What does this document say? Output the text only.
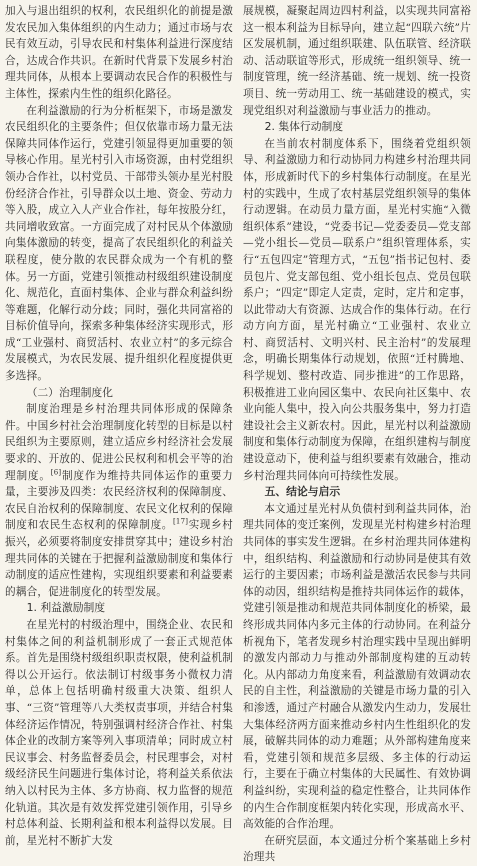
加入与退出组织的权利，农民组织化的前提是激发农民加入集体组织的内生动力；通过市场与农民有效互动，引导农民和村集体利益进行深度结合，达成合作共识。在新时代背景下发展乡村治理共同体，从根本上要调动农民合作的积极性与主体性，探索内生性的组织化路径。

在利益激励的行为分析框架下，市场是激发农民组织化的主要条件；但仅依靠市场力量无法保障共同体作运行，党建引领显得更加重要的领导核心作用。星光村引入市场资源，由村党组织领办合作社，以村党员、干部带头领办星光村股份经济合作社，引导群众以土地、资金、劳动力等入股，成立入人产业合作社，每年按股分红，共同增收致富。一方面完成了对村民从个体激励向集体激励的转变，提高了农民组织化的利益关联程度，使分散的农民群众成为一个有机的整体。另一方面，党建引领推动村级组织建设制度化、规范化，直面村集体、企业与群众利益纠纷等难题，化解行动分歧；同时，强化共同富裕的目标价值导向，探索多种集体经济实现形式，形成“工业强村、商贸活村、农业立村”的多元综合发展模式，为农民发展、提升组织化程度提供更多选择。

（二）治理制度化

制度治理是乡村治理共同体形成的保障条件。中国乡村社会治理制度化转型的目标是以村民组织为主要原则，建立适应乡村经济社会发展要求的、开放的、促进公民权利和机会平等的治理制度。[6]制度作为维持共同体运作的重要力量，主要涉及四类：农民经济权利的保障制度、农民自治权利的保障制度、农民文化权利的保障制度和农民生态权利的保障制度。[17]实现乡村振兴，必须要将制度安排贯穿其中；建设乡村治理共同体的关键在于把握利益激励制度和集体行动制度的适应性建构，实现组织要素和利益要素的耦合，促进制度化的转型发展。

1. 利益激励制度

在星光村的村级治理中，围绕企业、农民和村集体之间的利益机制形成了一套正式规范体系。首先是围绕村级组织职责权限，使利益机制得以公开运行。依法制订村级事务小微权力清单，总体上包括明确村级重大决策、组织人事、“三资”管理等八大类权责事项，并结合村集体经济运作情况，特别强调村经济合作社、村集体企业的改制方案等列入事项清单；同时成立村民议事会、村务监督委员会，村民理事会，对村级经济民生问题进行集体讨论，将利益关系依法纳入以村民为主体、多方协商、权力监督的规范化轨道。其次是有效发挥党建引领作用，引导乡村总体利益、长期利益和根本利益得以发展。目前，星光村不断扩大发

展规模，凝聚起周边四村利益，以实现共同富裕这一根本利益为目标导向，建立起“四联六统”片区发展机制，通过组织联建、队伍联管、经济联动、活动联谊等形式，形成统一组织领导、统一制度管理，统一经济基础、统一规划、统一投资项目、统一劳动用工、统一基础建设的模式，实现党组织对利益激励与事业活力的推动。

2. 集体行动制度

在当前农村制度体系下，围绕着党组织领导、利益激励力和行动协同力构建乡村治理共同体，形成新时代下的乡村集体行动制度。在星光村的实践中，生成了农村基层党组织领导的集体行动逻辑。在动员力量方面，星光村实施“入微组织体系”建设，“党委书记—党委委员—党支部—党小组长—党员—联系户”组织管理体系，实行“五包四定”管理方式，“五包”指书记包村、委员包片、党支部包组、党小组长包点、党员包联系户；“四定”即定人定责，定时，定片和定事，以此带动大有资源、达成合作的集体行动。在行动方向方面，星光村确立“工业强村、农业立村、商贸活村、文明兴村、民主治村”的发展理念，明确长期集体行动规划，依照“迁村腾地、科学规划、整村改造、同步推进”的工作思路，积极推进工业向园区集中、农民向社区集中、农业向能人集中，投入向公共服务集中，努力打造建设社会主义新农村。因此，星光村以利益激励制度和集体行动制度为保障，在组织建构与制度建设意动下，使利益与组织要素有效融合，推动乡村治理共同体向可持续性发展。

五、结论与启示

本文通过星光村从负债村到利益共同体，治理共同体的变迁案例，发现星光村构建乡村治理共同体的事实发生逻辑。在乡村治理共同体建构中，组织结构、利益激励和行动协同是使其有效运行的主要因素；市场利益是激活农民参与共同体的动因，组织结构是推持共同体运作的载体，党建引领是推动和规范共同体制度化的桥梁，最终形成共同体内多元主体的行动协同。在利益分析视角下，笔者发现乡村治理实践中呈现出鲜明的激发内部动力与推动外部制度构建的互动转化。从内部动力角度来看，利益激励有效调动农民的自主性，利益激励的关键是市场力量的引入和渗透，通过产村融合从激发内生动力，发展壮大集体经济两方面来推动乡村内生性组织化的发展，破解共同体的动力难题；从外部构建角度来看，党建引领和规范多层级、多主体的行动运行，主要在于确立村集体的大民属性、有效协调利益纠纷，实现利益的稳定性整合，让共同体作的内生合作制度框架内转化实现，形成高水平、高效能的合作治理。

在研究层面，本文通过分析个案基础上乡村治理共
